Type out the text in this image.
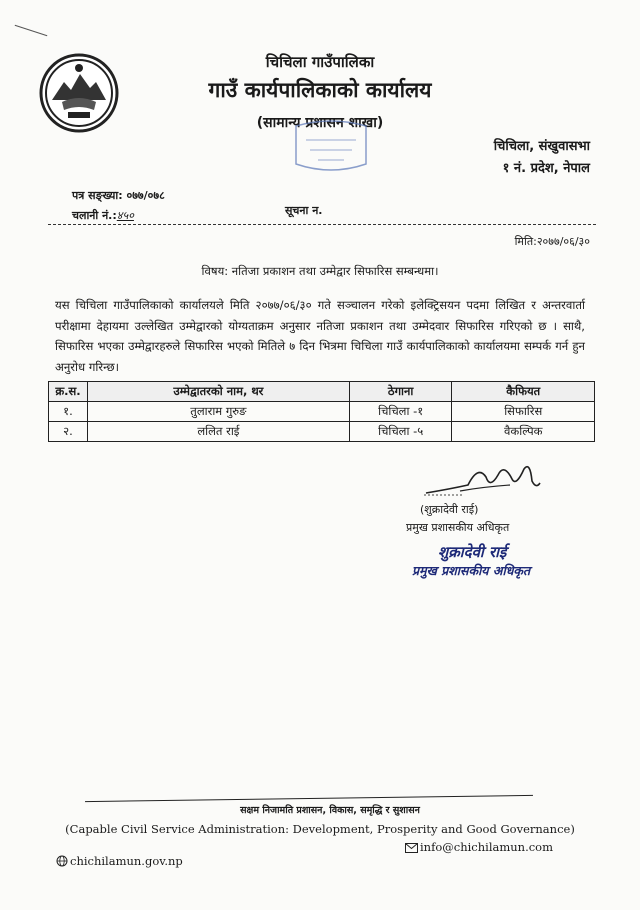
चिचिला गाउँपालिका
गाउँ कार्यपालिकाको कार्यालय
(सामान्य प्रशासन शाखा)
चिचिला, संखुवासभा
१ नं. प्रदेश, नेपाल
पत्र सङ्ख्या: ०७७/०७८
चलानी नं.:४५०	सूचना न.
मिति:२०७७/०६/३०
विषय: नतिजा प्रकाशन तथा उम्मेद्वार सिफारिस सम्बन्धमा।
यस चिचिला गाउँपालिकाको कार्यालयले मिति २०७७/०६/३० गते सञ्चालन गरेको इलेक्ट्रिसयन पदमा लिखित र अन्तरवार्ता परीक्षामा देहायमा उल्लेखित उम्मेद्वारको योग्यताक्रम अनुसार नतिजा प्रकाशन तथा उम्मेदवार सिफारिस गरिएको छ । साथै, सिफारिस भएका उम्मेद्वारहरुले सिफारिस भएको मितिले ७ दिन भित्रमा चिचिला गाउँ कार्यपालिकाको कार्यालयमा सम्पर्क गर्न हुन अनुरोध गरिन्छ।
क्र.स.	उम्मेद्वातरको नाम, थर	ठेगाना	कैफियत
१.	तुलाराम गुरुङ	चिचिला -१	सिफारिस
२.	ललित राई	चिचिला -५	वैकल्पिक
(शुक्रादेवी राई)
प्रमुख प्रशासकीय अधिकृत
शुक्रादेवी राई
प्रमुख प्रशासकीय अधिकृत
सक्षम निजामति प्रशासन, विकास, समृद्धि र सुशासन
(Capable Civil Service Administration: Development, Prosperity and Good Governance)
chichilamun.gov.np
info@chichilamun.com
